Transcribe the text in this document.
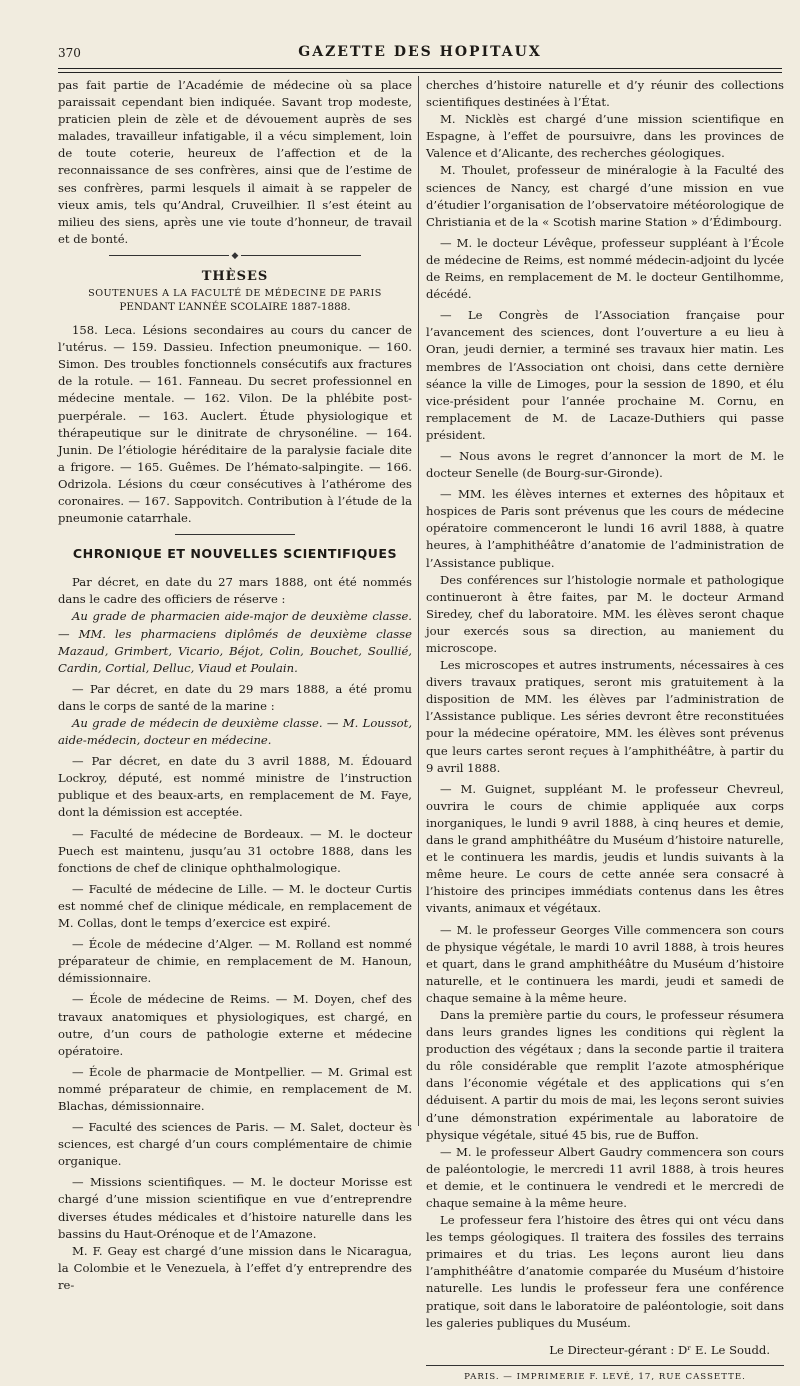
370	GAZETTE DES HOPITAUX

pas fait partie de l’Académie de médecine où sa place paraissait cependant bien indiquée. Savant trop modeste, praticien plein de zèle et de dévouement auprès de ses malades, travailleur infatigable, il a vécu simplement, loin de toute coterie, heureux de l’affection et de la reconnaissance de ses confrères, ainsi que de l’estime de ses confrères, parmi lesquels il aimait à se rappeler de vieux amis, tels qu’Andral, Cruveilhier. Il s’est éteint au milieu des siens, après une vie toute d’honneur, de travail et de bonté.

◆
THÈSES
SOUTENUES A LA FACULTÉ DE MÉDECINE DE PARIS
PENDANT L’ANNÉE SCOLAIRE 1887-1888.

158. Leca. Lésions secondaires au cours du cancer de l’utérus. — 159. Dassieu. Infection pneumonique. — 160. Simon. Des troubles fonctionnels consécutifs aux fractures de la rotule. — 161. Fanneau. Du secret professionnel en médecine mentale. — 162. Vilon. De la phlébite post-puerpérale. — 163. Auclert. Étude physiologique et thérapeutique sur le dinitrate de chrysonéline. — 164. Junin. De l’étiologie héréditaire de la paralysie faciale dite a frigore. — 165. Guêmes. De l’hémato-salpingite. — 166. Odrizola. Lésions du cœur consécutives à l’athérome des coronaires. — 167. Sappovitch. Contribution à l’étude de la pneumonie catarrhale.

CHRONIQUE ET NOUVELLES SCIENTIFIQUES

Par décret, en date du 27 mars 1888, ont été nommés dans le cadre des officiers de réserve :

Au grade de pharmacien aide-major de deuxième classe. — MM. les pharmaciens diplômés de deuxième classe Mazaud, Grimbert, Vicario, Béjot, Colin, Bouchet, Soullié, Cardin, Cortial, Delluc, Viaud et Poulain.

— Par décret, en date du 29 mars 1888, a été promu dans le corps de santé de la marine :

Au grade de médecin de deuxième classe. — M. Loussot, aide-médecin, docteur en médecine.

— Par décret, en date du 3 avril 1888, M. Édouard Lockroy, député, est nommé ministre de l’instruction publique et des beaux-arts, en remplacement de M. Faye, dont la démission est acceptée.

— Faculté de médecine de Bordeaux. — M. le docteur Puech est maintenu, jusqu’au 31 octobre 1888, dans les fonctions de chef de clinique ophthalmologique.

— Faculté de médecine de Lille. — M. le docteur Curtis est nommé chef de clinique médicale, en remplacement de M. Collas, dont le temps d’exercice est expiré.

— École de médecine d’Alger. — M. Rolland est nommé préparateur de chimie, en remplacement de M. Hanoun, démissionnaire.

— École de médecine de Reims. — M. Doyen, chef des travaux anatomiques et physiologiques, est chargé, en outre, d’un cours de pathologie externe et médecine opératoire.

— École de pharmacie de Montpellier. — M. Grimal est nommé préparateur de chimie, en remplacement de M. Blachas, démissionnaire.

— Faculté des sciences de Paris. — M. Salet, docteur ès sciences, est chargé d’un cours complémentaire de chimie organique.

— Missions scientifiques. — M. le docteur Morisse est chargé d’une mission scientifique en vue d’entreprendre diverses études médicales et d’histoire naturelle dans les bassins du Haut-Orénoque et de l’Amazone.

M. F. Geay est chargé d’une mission dans le Nicaragua, la Colombie et le Venezuela, à l’effet d’y entreprendre des re-

cherches d’histoire naturelle et d’y réunir des collections scientifiques destinées à l’État.

M. Nicklès est chargé d’une mission scientifique en Espagne, à l’effet de poursuivre, dans les provinces de Valence et d’Alicante, des recherches géologiques.

M. Thoulet, professeur de minéralogie à la Faculté des sciences de Nancy, est chargé d’une mission en vue d’étudier l’organisation de l’observatoire météorologique de Christiania et de la « Scotish marine Station » d’Édimbourg.

— M. le docteur Lévêque, professeur suppléant à l’École de médecine de Reims, est nommé médecin-adjoint du lycée de Reims, en remplacement de M. le docteur Gentilhomme, décédé.

— Le Congrès de l’Association française pour l’avancement des sciences, dont l’ouverture a eu lieu à Oran, jeudi dernier, a terminé ses travaux hier matin. Les membres de l’Association ont choisi, dans cette dernière séance la ville de Limoges, pour la session de 1890, et élu vice-président pour l’année prochaine M. Cornu, en remplacement de M. de Lacaze-Duthiers qui passe président.

— Nous avons le regret d’annoncer la mort de M. le docteur Senelle (de Bourg-sur-Gironde).

— MM. les élèves internes et externes des hôpitaux et hospices de Paris sont prévenus que les cours de médecine opératoire commenceront le lundi 16 avril 1888, à quatre heures, à l’amphithéâtre d’anatomie de l’administration de l’Assistance publique.

Des conférences sur l’histologie normale et pathologique continueront à être faites, par M. le docteur Armand Siredey, chef du laboratoire. MM. les élèves seront chaque jour exercés sous sa direction, au maniement du microscope.

Les microscopes et autres instruments, nécessaires à ces divers travaux pratiques, seront mis gratuitement à la disposition de MM. les élèves par l’administration de l’Assistance publique. Les séries devront être reconstituées pour la médecine opératoire, MM. les élèves sont prévenus que leurs cartes seront reçues à l’amphithéâtre, à partir du 9 avril 1888.

— M. Guignet, suppléant M. le professeur Chevreul, ouvrira le cours de chimie appliquée aux corps inorganiques, le lundi 9 avril 1888, à cinq heures et demie, dans le grand amphithéâtre du Muséum d’histoire naturelle, et le continuera les mardis, jeudis et lundis suivants à la même heure. Le cours de cette année sera consacré à l’histoire des principes immédiats contenus dans les êtres vivants, animaux et végétaux.

— M. le professeur Georges Ville commencera son cours de physique végétale, le mardi 10 avril 1888, à trois heures et quart, dans le grand amphithéâtre du Muséum d’histoire naturelle, et le continuera les mardi, jeudi et samedi de chaque semaine à la même heure.

Dans la première partie du cours, le professeur résumera dans leurs grandes lignes les conditions qui règlent la production des végétaux ; dans la seconde partie il traitera du rôle considérable que remplit l’azote atmosphérique dans l’économie végétale et des applications qui s’en déduisent. A partir du mois de mai, les leçons seront suivies d’une démonstration expérimentale au laboratoire de physique végétale, situé 45 bis, rue de Buffon.

— M. le professeur Albert Gaudry commencera son cours de paléontologie, le mercredi 11 avril 1888, à trois heures et demie, et le continuera le vendredi et le mercredi de chaque semaine à la même heure.

Le professeur fera l’histoire des êtres qui ont vécu dans les temps géologiques. Il traitera des fossiles des terrains primaires et du trias. Les leçons auront lieu dans l’amphithéâtre d’anatomie comparée du Muséum d’histoire naturelle. Les lundis le professeur fera une conférence pratique, soit dans le laboratoire de paléontologie, soit dans les galeries publiques du Muséum.

Le Directeur-gérant : Dʳ E. Le Soudd.
PARIS. — IMPRIMERIE F. LEVÉ, 17, RUE CASSETTE.
